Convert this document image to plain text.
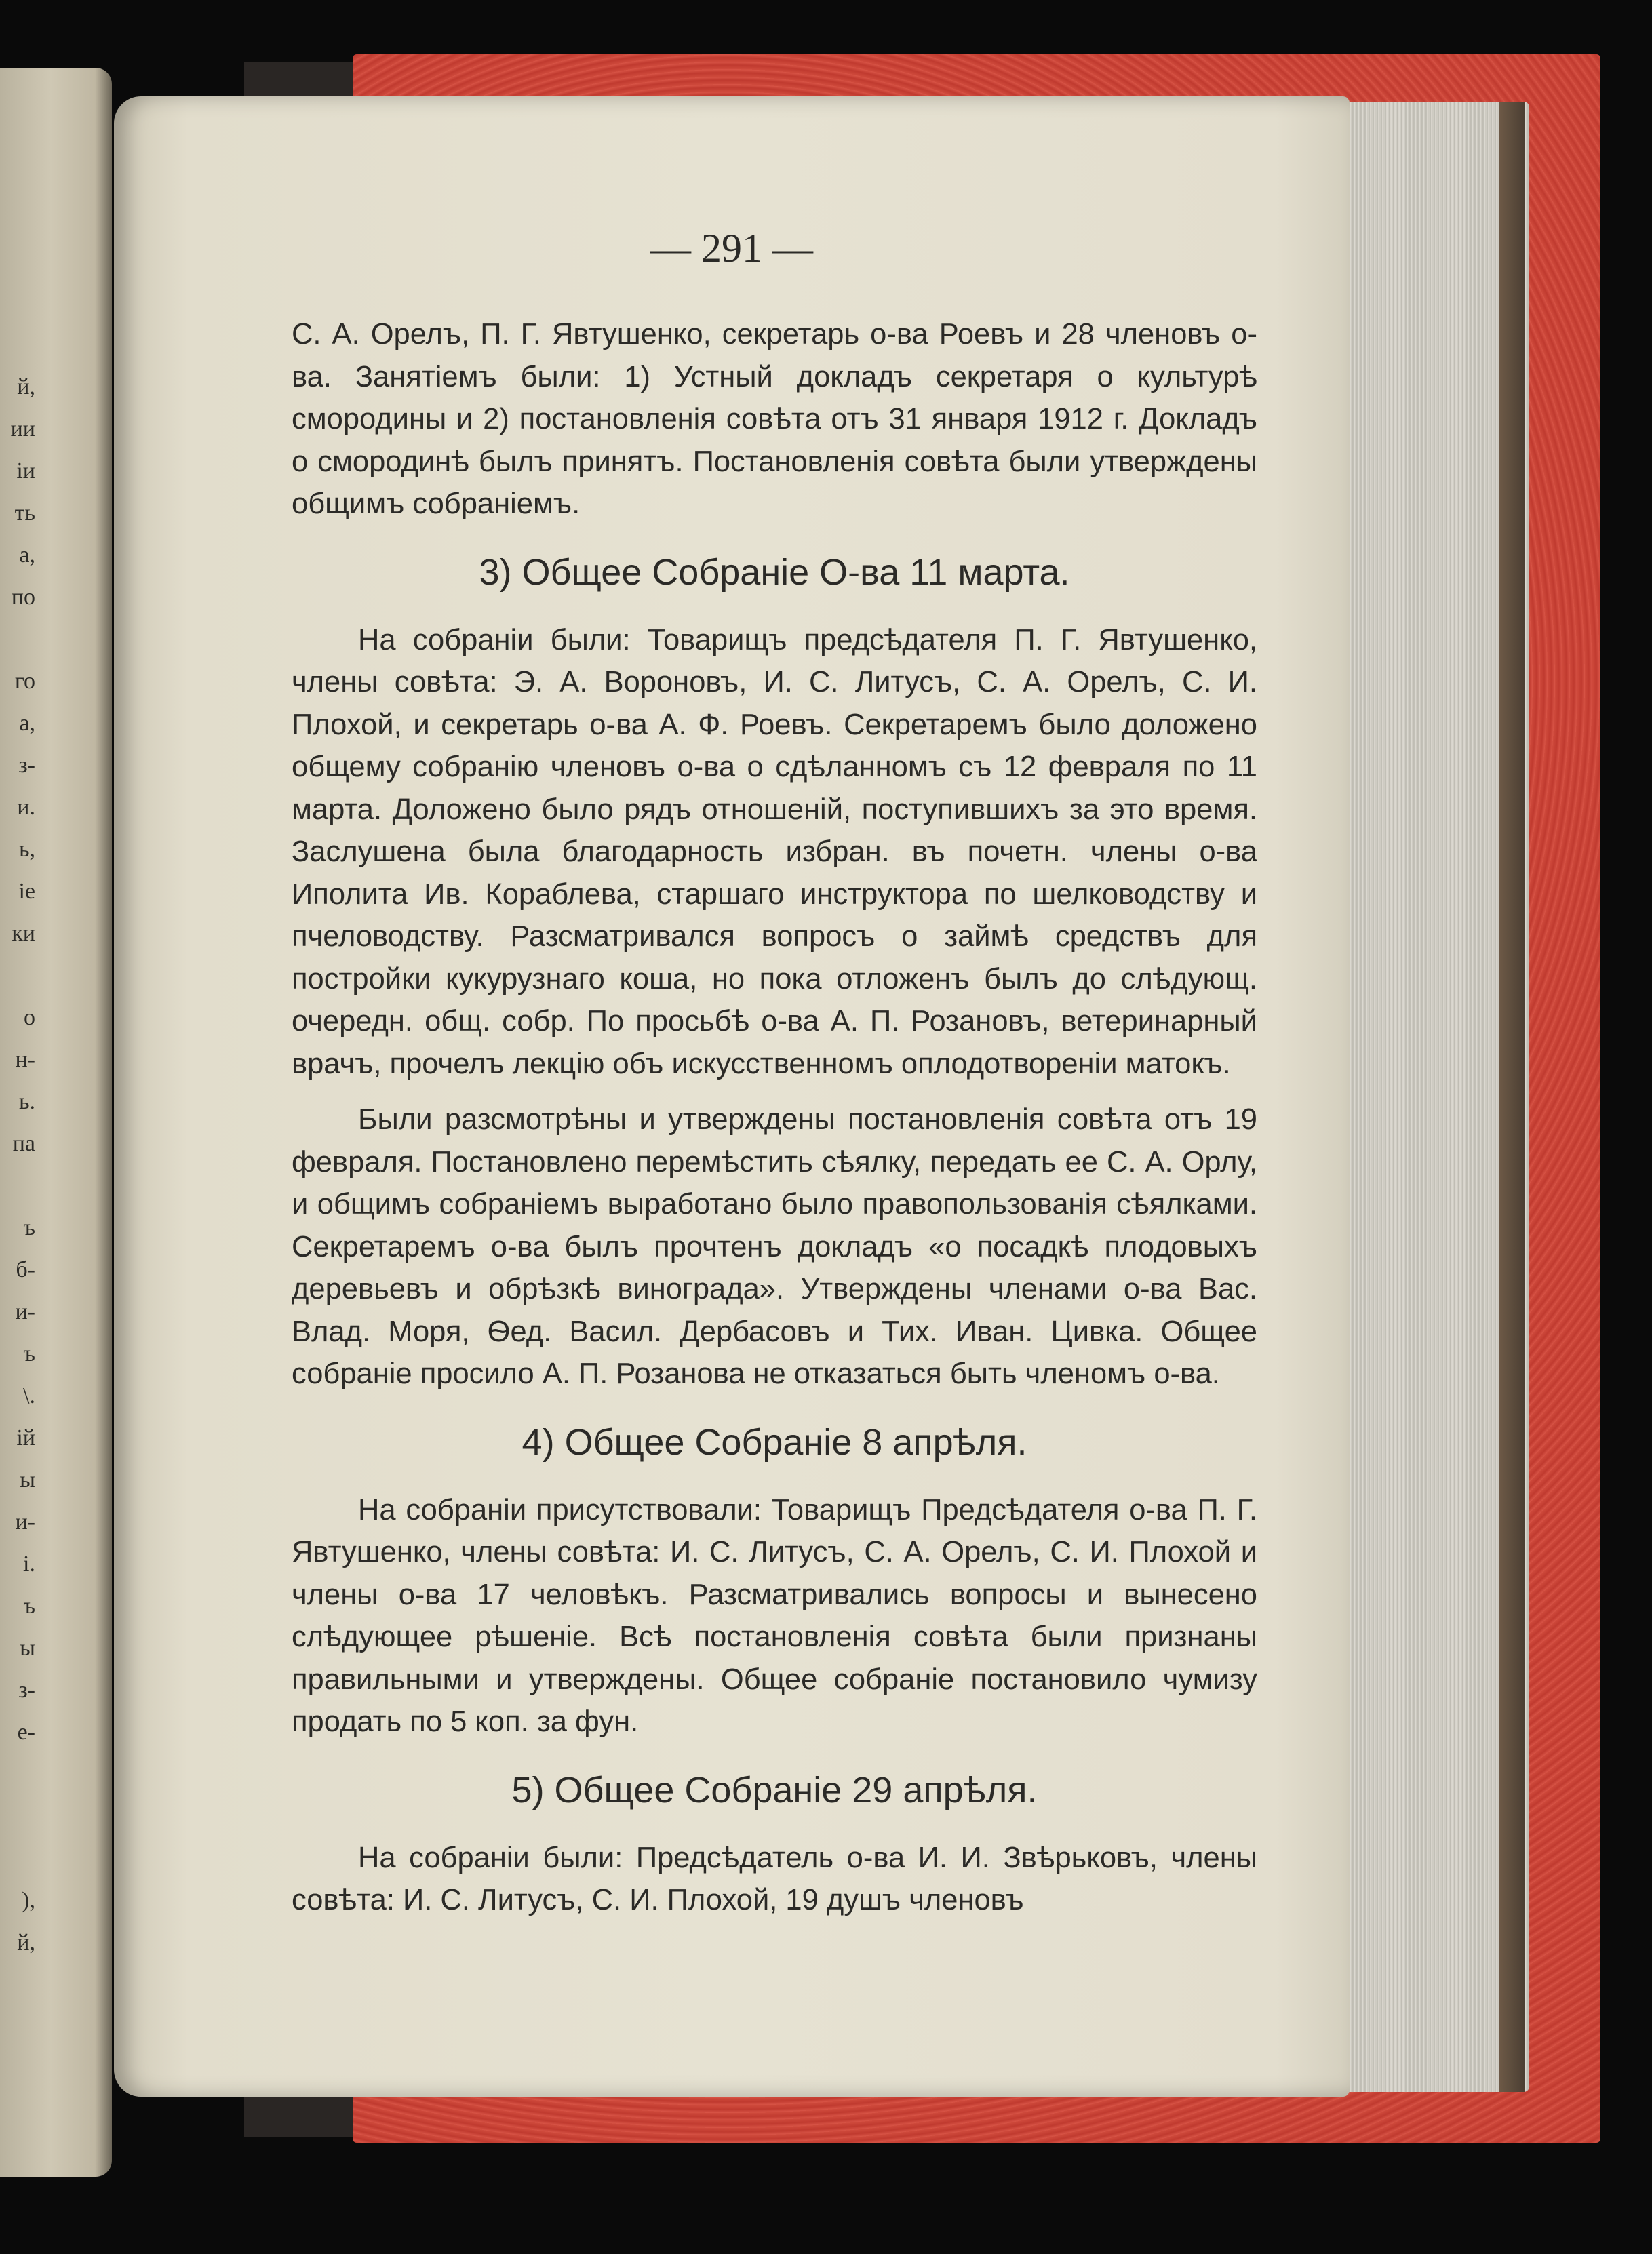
й,
ии
іи
ть
а,
по
го
а,
з-
и.
ь,
іе
ки
о
н-
ь.
па
ъ
б-
и-
ъ
\.
ій
ы
и-
і.
ъ
ы
з-
е-
),
й,
— 291 —

С. А. Орелъ, П. Г. Явтушенко, секретарь о-ва Роевъ и 28 членовъ о-ва. Занятіемъ были: 1) Устный докладъ секретаря о культурѣ смородины и 2) постановленія совѣта отъ 31 января 1912 г. Докладъ о смородинѣ былъ принятъ. Постановленія совѣта были утверждены общимъ собраніемъ.

3) Общее Собраніе О-ва 11 марта.

На собраніи были: Товарищъ предсѣдателя П. Г. Явтушенко, члены совѣта: Э. А. Вороновъ, И. С. Литусъ, С. А. Орелъ, С. И. Плохой, и секретарь о-ва А. Ф. Роевъ. Секретаремъ было доложено общему собранію членовъ о-ва о сдѣланномъ съ 12 февраля по 11 марта. Доложено было рядъ отношеній, поступившихъ за это время. Заслушена была благодарность избран. въ почетн. члены о-ва Иполита Ив. Кораблева, старшаго инструктора по шелководству и пчеловодству. Разсматривался вопросъ о займѣ средствъ для постройки кукурузнаго коша, но пока отложенъ былъ до слѣдующ. очередн. общ. собр. По просьбѣ о-ва А. П. Розановъ, ветеринарный врачъ, прочелъ лекцію объ искусственномъ оплодотвореніи матокъ.

Были разсмотрѣны и утверждены постановленія совѣта отъ 19 февраля. Постановлено перемѣстить сѣялку, передать ее С. А. Орлу, и общимъ собраніемъ выработано было правопользованія сѣялками. Секретаремъ о-ва былъ прочтенъ докладъ «о посадкѣ плодовыхъ деревьевъ и обрѣзкѣ винограда». Утверждены членами о-ва Вас. Влад. Моря, Ѳед. Васил. Дербасовъ и Тих. Иван. Цивка. Общее собраніе просило А. П. Розанова не отказаться быть членомъ о-ва.

4) Общее Собраніе 8 апрѣля.

На собраніи присутствовали: Товарищъ Предсѣдателя о-ва П. Г. Явтушенко, члены совѣта: И. С. Литусъ, С. А. Орелъ, С. И. Плохой и члены о-ва 17 человѣкъ. Разсматривались вопросы и вынесено слѣдующее рѣшеніе. Всѣ постановленія совѣта были признаны правильными и утверждены. Общее собраніе постановило чумизу продать по 5 коп. за фун.

5) Общее Собраніе 29 апрѣля.

На собраніи были: Предсѣдатель о-ва И. И. Звѣрьковъ, члены совѣта: И. С. Литусъ, С. И. Плохой, 19 душъ членовъ
